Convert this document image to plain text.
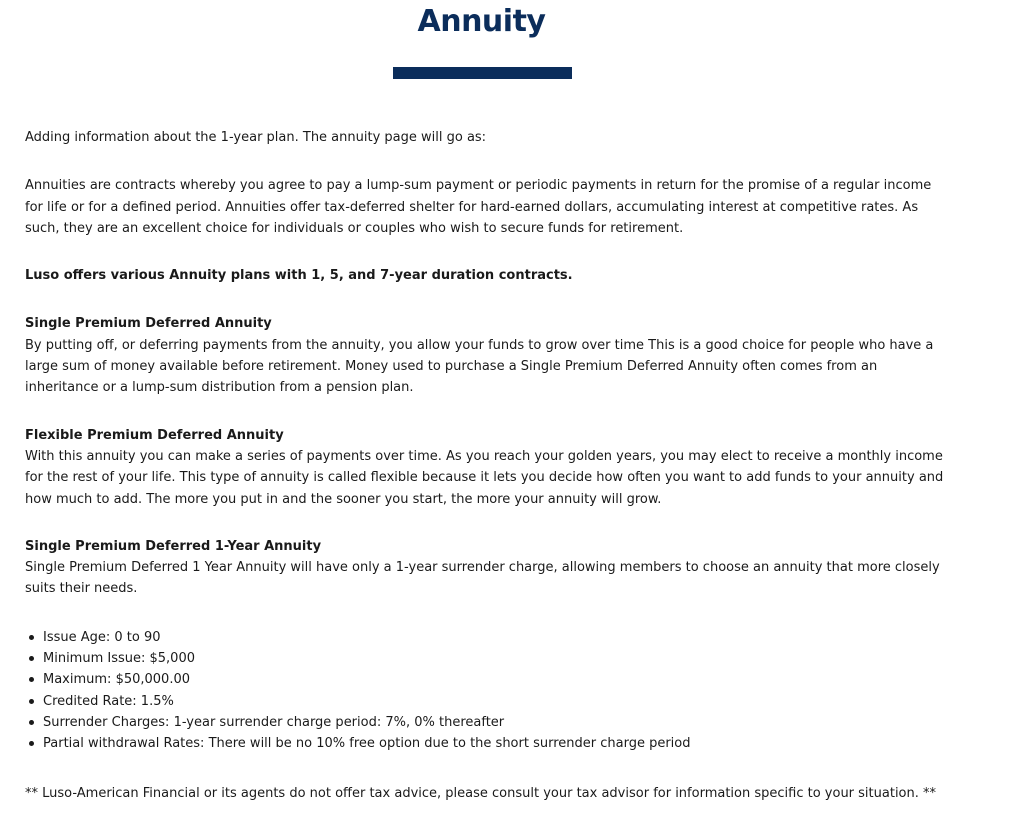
Annuity

Adding information about the 1-year plan. The annuity page will go as:

Annuities are contracts whereby you agree to pay a lump-sum payment or periodic payments in return for the promise of a regular income for life or for a defined period. Annuities offer tax-deferred shelter for hard-earned dollars, accumulating interest at competitive rates. As such, they are an excellent choice for individuals or couples who wish to secure funds for retirement.

Luso offers various Annuity plans with 1, 5, and 7-year duration contracts.

Single Premium Deferred Annuity

By putting off, or deferring payments from the annuity, you allow your funds to grow over time This is a good choice for people who have a large sum of money available before retirement. Money used to purchase a Single Premium Deferred Annuity often comes from an inheritance or a lump-sum distribution from a pension plan.

Flexible Premium Deferred Annuity

With this annuity you can make a series of payments over time. As you reach your golden years, you may elect to receive a monthly income for the rest of your life. This type of annuity is called flexible because it lets you decide how often you want to add funds to your annuity and how much to add. The more you put in and the sooner you start, the more your annuity will grow.

Single Premium Deferred 1-Year Annuity

Single Premium Deferred 1 Year Annuity will have only a 1-year surrender charge, allowing members to choose an annuity that more closely suits their needs.

Issue Age: 0 to 90
Minimum Issue: $5,000
Maximum: $50,000.00
Credited Rate: 1.5%
Surrender Charges: 1-year surrender charge period: 7%, 0% thereafter
Partial withdrawal Rates: There will be no 10% free option due to the short surrender charge period

** Luso-American Financial or its agents do not offer tax advice, please consult your tax advisor for information specific to your situation. **
